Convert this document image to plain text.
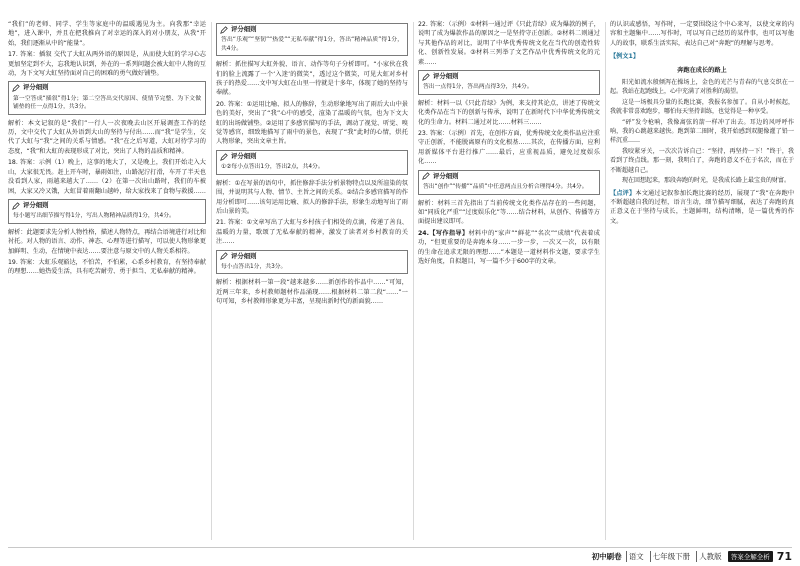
“我们”的老师、同学、学生等家庭中的温暖遇见为主。向我那“幸运地”，进入课中，并且在把我推向了对幸运的深入的对小朋友，从我“开始，我们逐渐从中的“能量”。

17. 答案：插叙 交代了大虹从两外语的原因是，从而使大虹的学习心志更加坚定到不大，忘我地认识到，外在的一系列问题会被大虹中人物的互动，为下文写大虹坚持面对自己的困难的勇气做好铺垫。

评分细则
第一空答成“插叙”得1分；第二空答出交代原因、使情节完整、为下文做铺垫的任一点得1分，共3分。

解析：本文记叙的是“我们”一行人一次夜晚去山区开展调查工作的经历，文中交代了大虹从外语到大山的坚持与付出……而“我”是学生，交代了大虹与“我”之间的关系与情感。“我”在之后写道，大虹对待学习的态度，“我”和大虹的表现形成了对比，突出了人物的品质和精神。

18. 答案：示例（1）晚上，这事的地大了，又是晚上，我们开始走入大山，大家很无畏。赶上开车时，暴雨如注，山路泥泞打滑，车开了半天也没看到人家，雨越来越大了……（2）在第一次出山路时，我们的车被困，大家又冷又饿，大虹冒着雨翻山越岭，给大家找来了食物与救援……

评分细则
每小题写出细节描写得1分，写出人物精神品质得1分，共4分。

解析：此题要求先分析人物性格，描述人物特点，再结合语境进行对比和衬托。对人物的语言、动作、神态、心理等进行描写，可以使人物形象更加鲜明、生动，在情境中表达……要注意与原文中的人物关系相符。

19. 答案：大虹乐观豁达，不怕苦，不怕累，心系乡村教育，有坚持奉献的理想……她热爱生活，具有吃苦耐劳、勇于担当、无私奉献的精神。

评分细则
答出“乐观”“坚韧”“热爱”“无私奉献”得1分，答出“精神品质”得1分，共4分。

解析：抓住描写大虹外貌、语言、动作等句子分析即可。“小家伙在我们的脸上流露了一个‘入迷’的微笑”，透过这个微笑，可见大虹对乡村孩子的热爱……文中写大虹在山里一待就是十多年，体现了她的坚持与奉献。

20. 答案：①运用比喻、拟人的修辞，生动形象地写出了雨后大山中景色的美好，突出了“我”心中的感受，渲染了温暖的气氛，也为下文大虹的出场做铺垫。②运用了多感官描写的手法，调动了视觉、听觉、嗅觉等感官，细致地描写了雨中的景色，表现了“我”此时的心情，烘托人物形象，突出文章主旨。

评分细则
①②每小点答出1分，答出2点，共4分。

解析：①在写景的语句中，抓住修辞手法分析景物特点以及所渲染的氛围，并说明其与人物、情节、主旨之间的关系。②结合多感官描写的作用分析即可……该句运用比喻、拟人的修辞手法，形象生动地写出了雨后山景的美。

21. 答案：①文章写出了大虹与乡村孩子们相处的点滴，传递了善良、温暖的力量，歌颂了无私奉献的精神，激发了读者对乡村教育的关注……

评分细则
每小点答出1分，共3分。

解析：根据材料一第一段“越来越多……新创作的作品中……”可知，近两三年来，乡村教师题材作品涌现……根据材料二第二段“……”一句可知，乡村教师形象更为丰富，呈现出新时代的新面貌……

22. 答案：（示例）①材料一通过评《只此青绿》成为爆款的例子，说明了成为爆款作品的原因之一是坚持守正创新。②材料二则通过与其他作品的对比，说明了中华优秀传统文化在当代的创造性转化、创新性发展。③材料三列举了文艺作品中优秀传统文化的元素……

评分细则
答出一点得1分，答出两点得3分，共4分。

解析：材料一以《只此青绿》为例，来支持其论点，讲述了传统文化类作品在当下的创新与传承，说明了在新时代下中华优秀传统文化的生命力。材料二通过对比……材料三……

23. 答案：（示例）首先，在创作方面，优秀传统文化类作品应注重守正创新，不能脱离原有的文化根基……其次，在传播方面，应利用新媒体平台进行推广……最后，应重视品质，避免过度娱乐化……

评分细则
答出“创作”“传播”“品质”中任意两点且分析合理得4分。共4分。

解析：材料三首先指出了当前传统文化类作品存在的一些问题，如“同质化严重”“过度娱乐化”等……结合材料，从创作、传播等方面提出建议即可。

24.【写作指导】材料中的“家声”“鲜花”“名次”“成绩”代表着成功，“但更重要的是奔跑本身……一步一步，一次又一次，以有限的生命在追求无限的理想……”本题是一道材料作文题，要求学生选好角度，自拟题目，写一篇不少于600字的文章。

的认识或感悟，写作时，一定要围绕这个中心来写，以使文章的内容和主题集中……写作时，可以写自己经历的某件事，也可以写他人的故事，联系生活实际，表达自己对“奔跑”的理解与思考。

【例文1】
奔跑在成长的路上

阳光如流水般倾泻在操场上，金色的光芒与青春的气息交织在一起。我站在起跑线上，心中充满了对胜利的渴望。

这是一场极具分量的长跑比赛，我报名参加了。自从小时候起，我就非常喜欢跑步，哪怕每天坚持训练，也觉得是一种享受。

“砰”发令枪响，我像离弦的箭一样冲了出去。耳边的风呼呼作响，我的心跳越来越快。跑到第二圈时，我开始感到双腿像灌了铅一样沉重……

我咬紧牙关，一次次告诉自己：“坚持，再坚持一下！”终于，我看到了终点线。那一刻，我明白了，奔跑的意义不在于名次，而在于不断超越自己。

现在回想起来，那段奔跑的时光，是我成长路上最宝贵的财富。

【点评】本文通过记叙参加长跑比赛的经历，展现了“我”在奔跑中不断超越自我的过程，语言生动，细节描写细腻，表达了奔跑的真正意义在于坚持与成长，主题鲜明，结构清晰，是一篇优秀的作文。

初中刷卷 语文	七年级下册	人教版	答案全解全析 71
